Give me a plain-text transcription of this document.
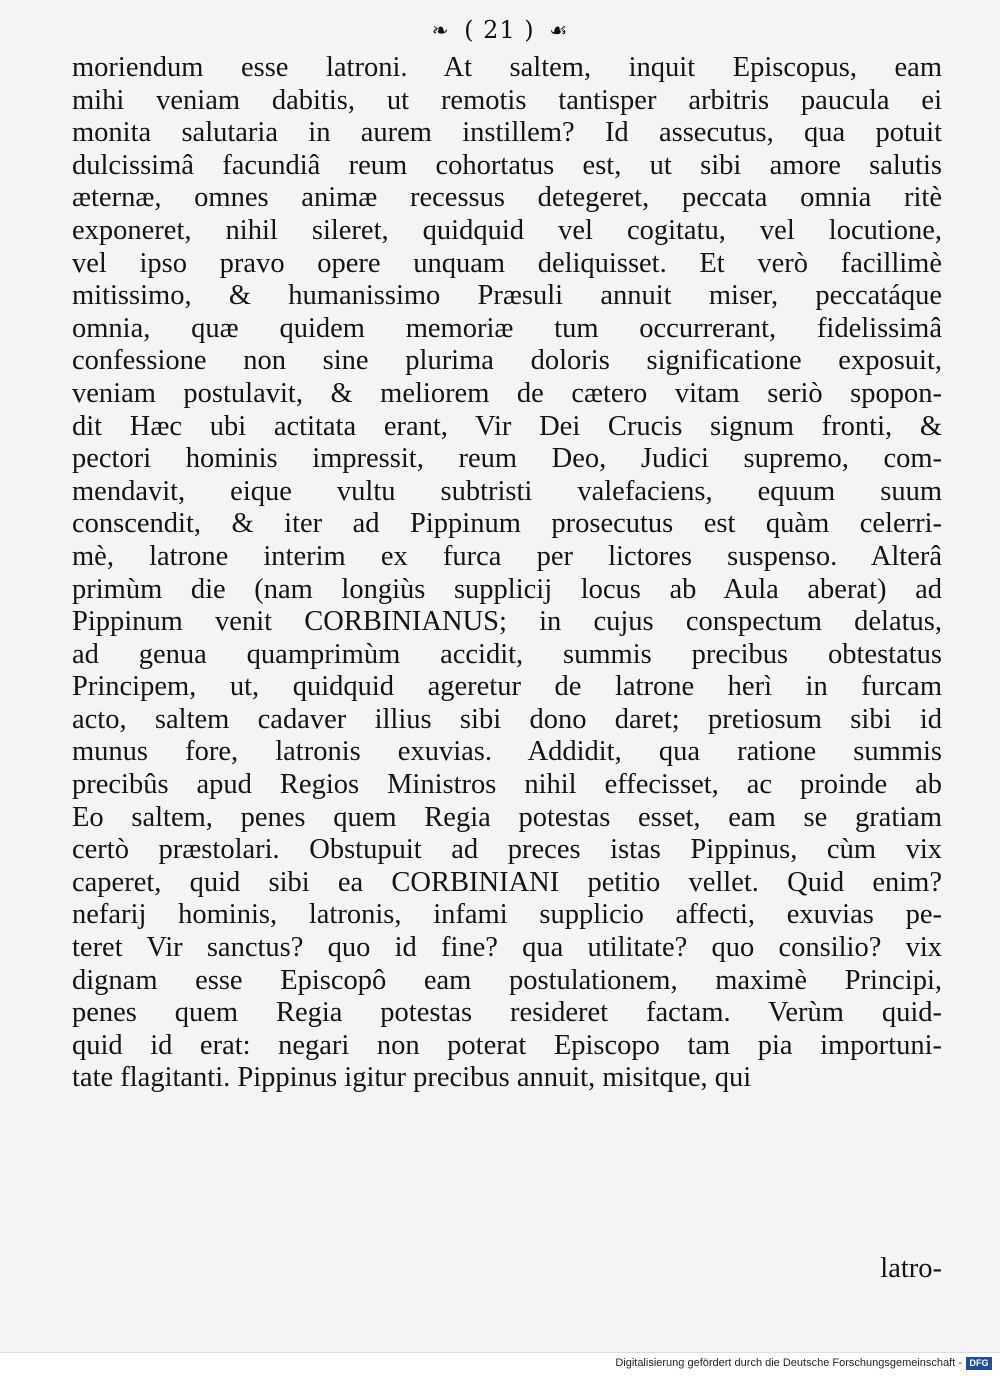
❧ ( 21 ) ☙
moriendum esse latroni. At saltem, inquit Episcopus, eam
mihi veniam dabitis, ut remotis tantisper arbitris paucula ei
monita salutaria in aurem instillem? Id assecutus, qua potuit
dulcissimâ facundiâ reum cohortatus est, ut sibi amore salutis
æternæ, omnes animæ recessus detegeret, peccata omnia ritè
exponeret, nihil sileret, quidquid vel cogitatu, vel locutione,
vel ipso pravo opere unquam deliquisset. Et verò facillimè
mitissimo, & humanissimo Præsuli annuit miser, peccatáque
omnia, quæ quidem memoriæ tum occurrerant, fidelissimâ
confessione non sine plurima doloris significatione exposuit,
veniam postulavit, & meliorem de cætero vitam seriò spopon-
dit Hæc ubi actitata erant, Vir Dei Crucis signum fronti, &
pectori hominis impressit, reum Deo, Judici supremo, com-
mendavit, eique vultu subtristi valefaciens, equum suum
conscendit, & iter ad Pippinum prosecutus est quàm celerri-
mè, latrone interim ex furca per lictores suspenso. Alterâ
primùm die (nam longiùs supplicij locus ab Aula aberat) ad
Pippinum venit CORBINIANUS; in cujus conspectum delatus,
ad genua quamprimùm accidit, summis precibus obtestatus
Principem, ut, quidquid ageretur de latrone herì in furcam
acto, saltem cadaver illius sibi dono daret; pretiosum sibi id
munus fore, latronis exuvias. Addidit, qua ratione summis
precibûs apud Regios Ministros nihil effecisset, ac proinde ab
Eo saltem, penes quem Regia potestas esset, eam se gratiam
certò præstolari. Obstupuit ad preces istas Pippinus, cùm vix
caperet, quid sibi ea CORBINIANI petitio vellet. Quid enim?
nefarij hominis, latronis, infami supplicio affecti, exuvias pe-
teret Vir sanctus? quo id fine? qua utilitate? quo consilio? vix
dignam esse Episcopô eam postulationem, maximè Principi,
penes quem Regia potestas resideret factam. Verùm quid-
quid id erat: negari non poterat Episcopo tam pia importuni-
tate flagitanti. Pippinus igitur precibus annuit, misitque, qui
latro-
Digitalisierung gefördert durch die Deutsche Forschungsgemeinschaft - DFG
